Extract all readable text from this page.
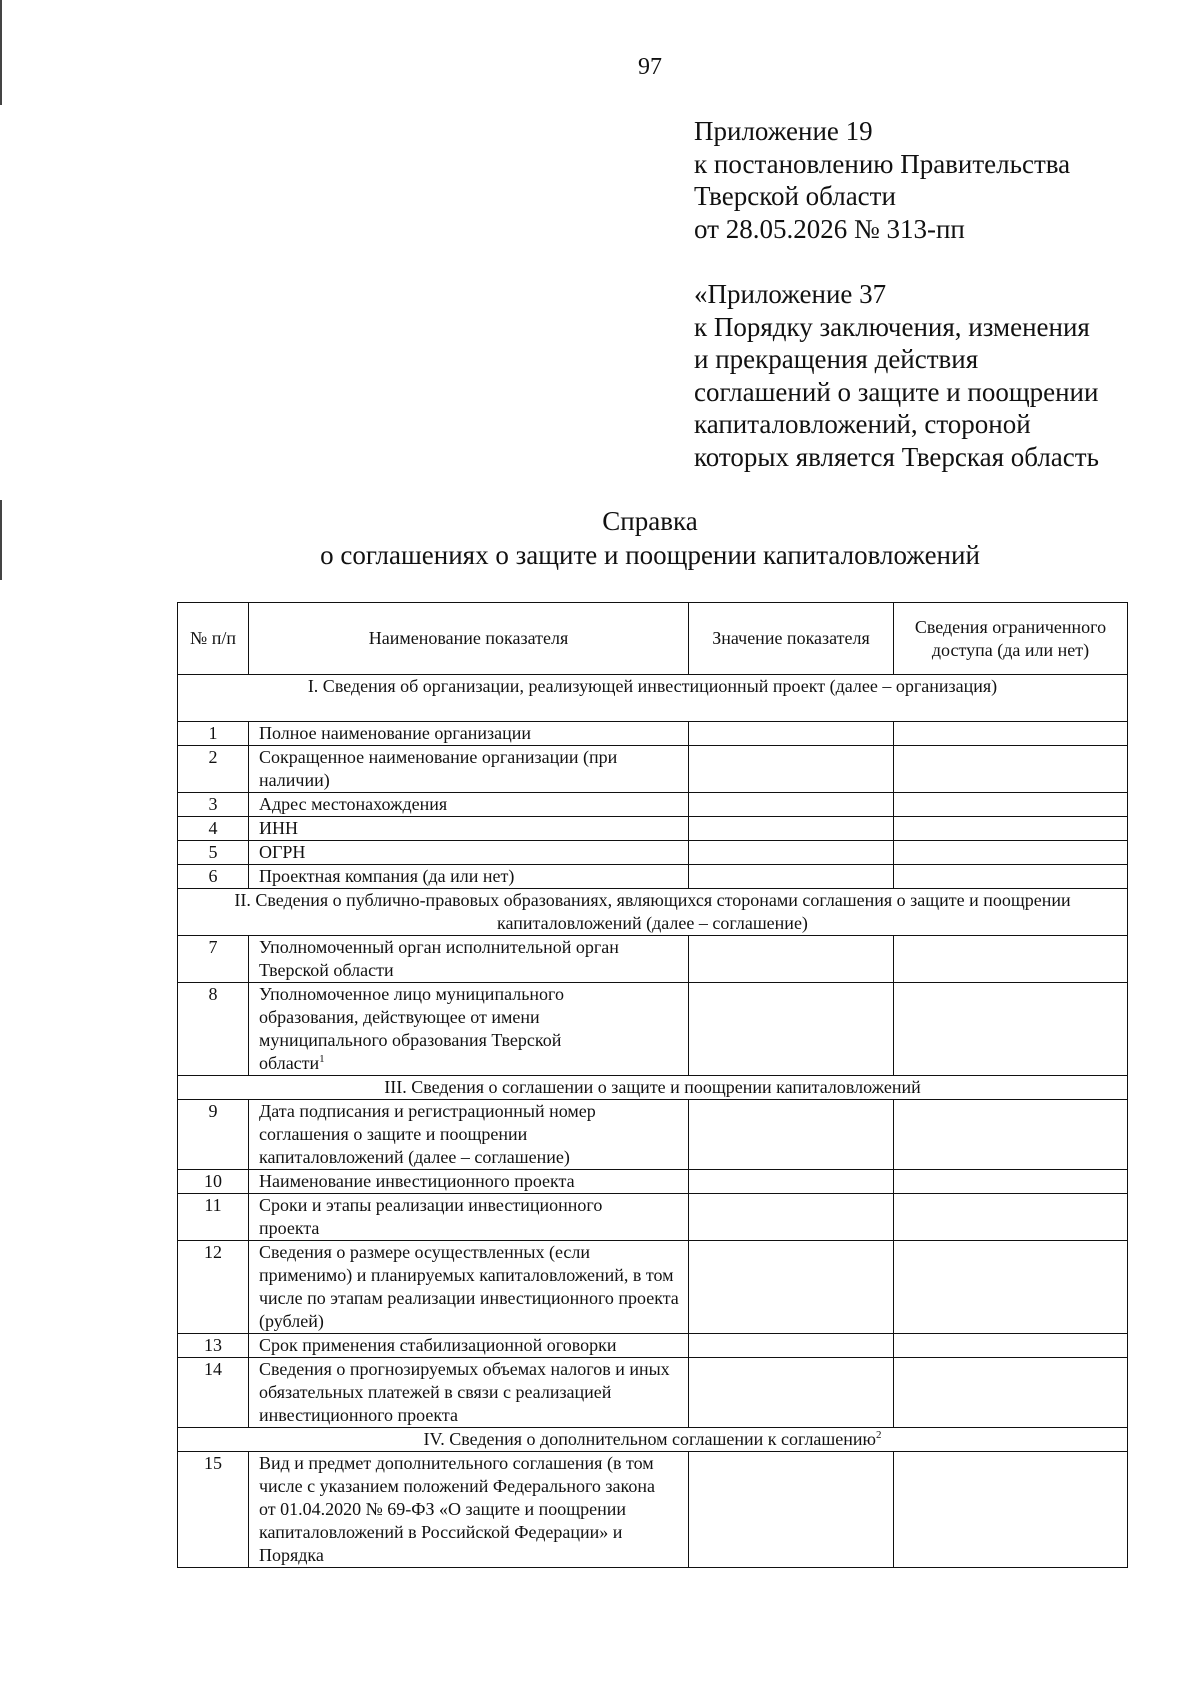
97
Приложение 19
к постановлению Правительства
Тверской области
от 28.05.2026 № 313-пп
«Приложение 37
к Порядку заключения, изменения
и прекращения действия
соглашений о защите и поощрении
капиталовложений, стороной
которых является Тверская область
Справка
о соглашениях о защите и поощрении капиталовложений
№ п/п	Наименование показателя	Значение показателя	Сведения ограниченного доступа (да или нет)
I. Сведения об организации, реализующей инвестиционный проект (далее – организация)			
1	Полное наименование организации		
2	Сокращенное наименование организации (при наличии)		
3	Адрес местонахождения		
4	ИНН		
5	ОГРН		
6	Проектная компания (да или нет)		
II. Сведения о публично-правовых образованиях, являющихся сторонами соглашения о защите и поощрении капиталовложений (далее – соглашение)			
7	Уполномоченный орган исполнительной орган Тверской области		
8	Уполномоченное лицо муниципального образования, действующее от имени муниципального образования Тверской области$^1$		
III. Сведения о соглашении о защите и поощрении капиталовложений			
9	Дата подписания и регистрационный номер соглашения о защите и поощрении капиталовложений (далее – соглашение)		
10	Наименование инвестиционного проекта		
11	Сроки и этапы реализации инвестиционного проекта		
12	Сведения о размере осуществленных (если применимо) и планируемых капиталовложений, в том числе по этапам реализации инвестиционного проекта (рублей)		
13	Срок применения стабилизационной оговорки		
14	Сведения о прогнозируемых объемах налогов и иных обязательных платежей в связи с реализацией инвестиционного проекта		
IV. Сведения о дополнительном соглашении к соглашению$^2$
15	Вид и предмет дополнительного соглашения (в том числе с указанием положений Федерального закона от 01.04.2020 № 69-ФЗ «О защите и поощрении капиталовложений в Российской Федерации» и Порядка		
